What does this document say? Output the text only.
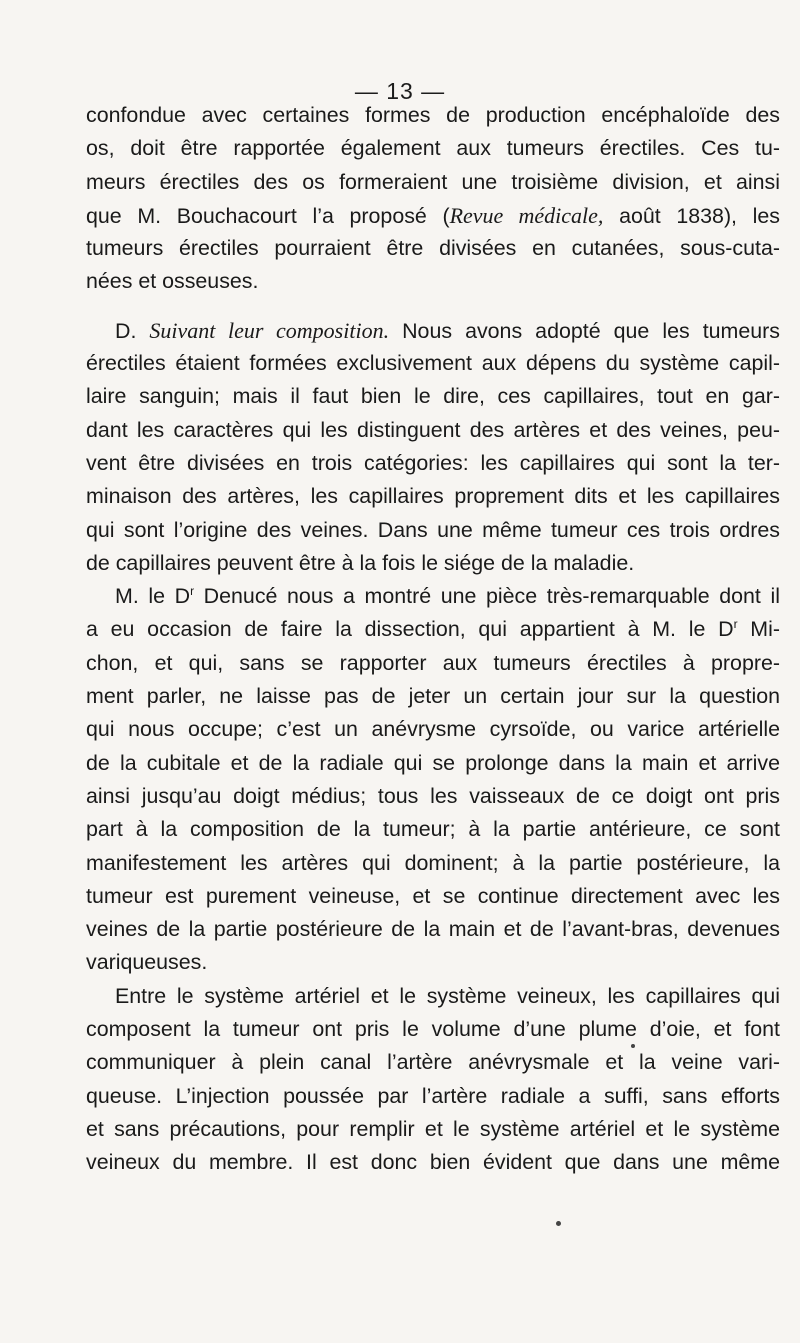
— 13 —
confondue avec certaines formes de production encéphaloïde des
os, doit être rapportée également aux tumeurs érectiles. Ces tu-
meurs érectiles des os formeraient une troisième division, et ainsi
que M. Bouchacourt l’a proposé (Revue médicale, août 1838), les
tumeurs érectiles pourraient être divisées en cutanées, sous-cuta-
nées et osseuses.
D. Suivant leur composition. Nous avons adopté que les tumeurs
érectiles étaient formées exclusivement aux dépens du système capil-
laire sanguin; mais il faut bien le dire, ces capillaires, tout en gar-
dant les caractères qui les distinguent des artères et des veines, peu-
vent être divisées en trois catégories: les capillaires qui sont la ter-
minaison des artères, les capillaires proprement dits et les capillaires
qui sont l’origine des veines. Dans une même tumeur ces trois ordres
de capillaires peuvent être à la fois le siége de la maladie.
M. le $D^r$ Denucé nous a montré une pièce très-remarquable dont il
a eu occasion de faire la dissection, qui appartient à M. le $D^r$ Mi-
chon, et qui, sans se rapporter aux tumeurs érectiles à propre-
ment parler, ne laisse pas de jeter un certain jour sur la question
qui nous occupe; c’est un anévrysme cyrsoïde, ou varice artérielle
de la cubitale et de la radiale qui se prolonge dans la main et arrive
ainsi jusqu’au doigt médius; tous les vaisseaux de ce doigt ont pris
part à la composition de la tumeur; à la partie antérieure, ce sont
manifestement les artères qui dominent; à la partie postérieure, la
tumeur est purement veineuse, et se continue directement avec les
veines de la partie postérieure de la main et de l’avant-bras, devenues
variqueuses.
Entre le système artériel et le système veineux, les capillaires qui
composent la tumeur ont pris le volume d’une plume d’oie, et font
communiquer à plein canal l’artère anévrysmale et la veine vari-
queuse. L’injection poussée par l’artère radiale a suffi, sans efforts
et sans précautions, pour remplir et le système artériel et le système
veineux du membre. Il est donc bien évident que dans une même
